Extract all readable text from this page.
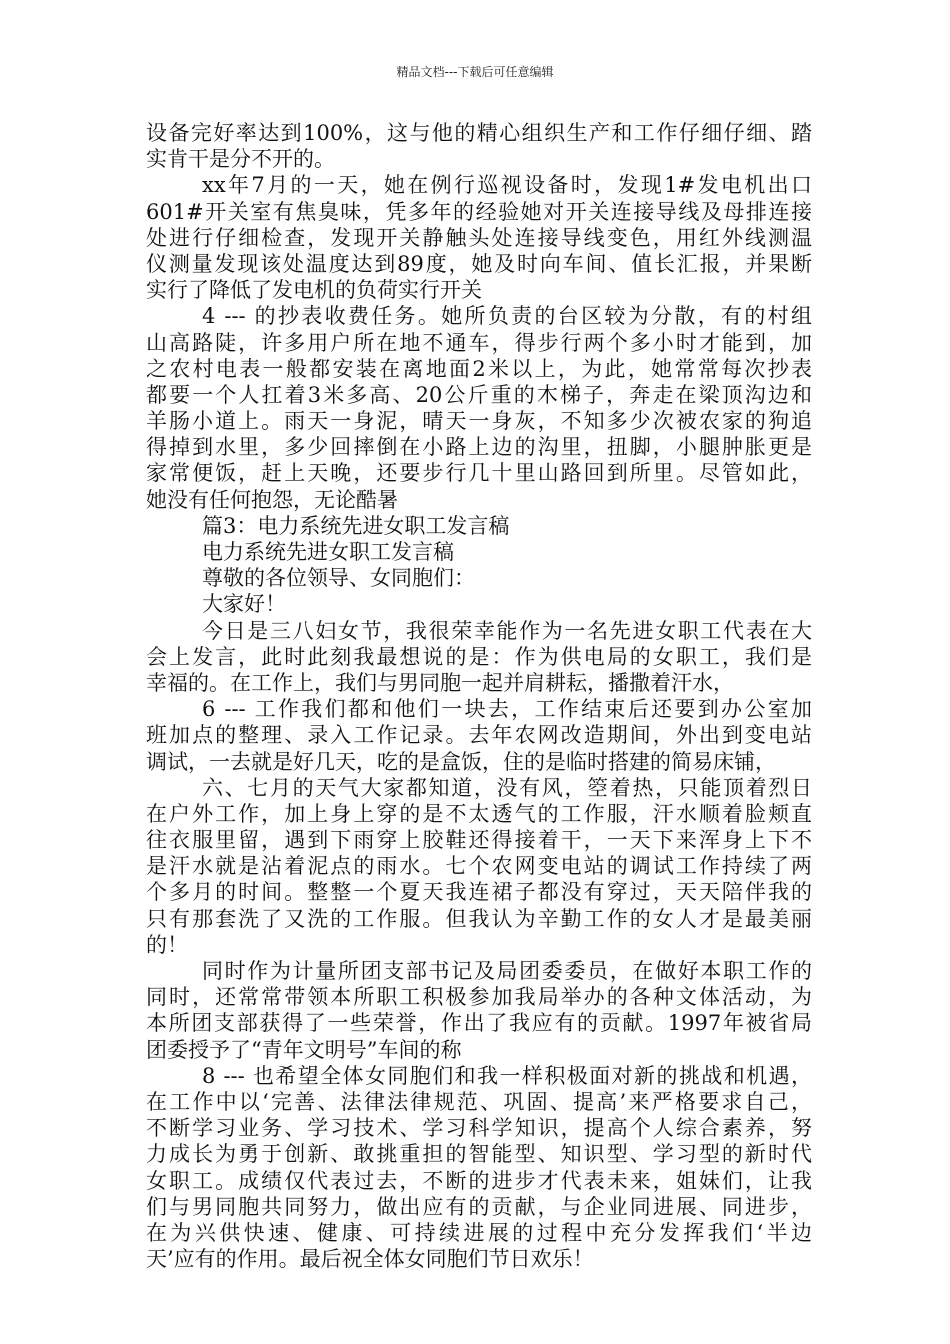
精品文档---下载后可任意编辑
设备完好率达到100%，这与他的精心组织生产和工作仔细仔细、踏
实肯干是分不开的。
xx年7月的一天，她在例行巡视设备时，发现1#发电机出口
601#开关室有焦臭味，凭多年的经验她对开关连接导线及母排连接
处进行仔细检查，发现开关静触头处连接导线变色，用红外线测温
仪测量发现该处温度达到89度，她及时向车间、值长汇报，并果断
实行了降低了发电机的负荷实行开关
4 --- 的抄表收费任务。她所负责的台区较为分散，有的村组
山高路陡，许多用户所在地不通车，得步行两个多小时才能到，加
之农村电表一般都安装在离地面2米以上，为此，她常常每次抄表
都要一个人扛着3米多高、20公斤重的木梯子，奔走在梁顶沟边和
羊肠小道上。雨天一身泥，晴天一身灰，不知多少次被农家的狗追
得掉到水里，多少回摔倒在小路上边的沟里，扭脚，小腿肿胀更是
家常便饭，赶上天晚，还要步行几十里山路回到所里。尽管如此，
她没有任何抱怨，无论酷暑
篇3：电力系统先进女职工发言稿
电力系统先进女职工发言稿
尊敬的各位领导、女同胞们：
大家好！
今日是三八妇女节，我很荣幸能作为一名先进女职工代表在大
会上发言，此时此刻我最想说的是：作为供电局的女职工，我们是
幸福的。在工作上，我们与男同胞一起并肩耕耘，播撒着汗水，
6 --- 工作我们都和他们一块去，工作结束后还要到办公室加
班加点的整理、录入工作记录。去年农网改造期间，外出到变电站
调试，一去就是好几天，吃的是盒饭，住的是临时搭建的简易床铺，
六、七月的天气大家都知道，没有风，箜着热，只能顶着烈日
在户外工作，加上身上穿的是不太透气的工作服，汗水顺着脸颊直
往衣服里留，遇到下雨穿上胶鞋还得接着干，一天下来浑身上下不
是汗水就是沾着泥点的雨水。七个农网变电站的调试工作持续了两
个多月的时间。整整一个夏天我连裙子都没有穿过，天天陪伴我的
只有那套洗了又洗的工作服。但我认为辛勤工作的女人才是最美丽
的！
同时作为计量所团支部书记及局团委委员，在做好本职工作的
同时，还常常带领本所职工积极参加我局举办的各种文体活动，为
本所团支部获得了一些荣誉，作出了我应有的贡献。1997年被省局
团委授予了“青年文明号”车间的称
8 --- 也希望全体女同胞们和我一样积极面对新的挑战和机遇，
在工作中以‘完善、法律法律规范、巩固、提高’来严格要求自己，
不断学习业务、学习技术、学习科学知识，提高个人综合素养，努
力成长为勇于创新、敢挑重担的智能型、知识型、学习型的新时代
女职工。成绩仅代表过去，不断的进步才代表未来，姐妹们，让我
们与男同胞共同努力，做出应有的贡献，与企业同进展、同进步，
在为兴供快速、健康、可持续进展的过程中充分发挥我们‘半边
天’应有的作用。最后祝全体女同胞们节日欢乐！
